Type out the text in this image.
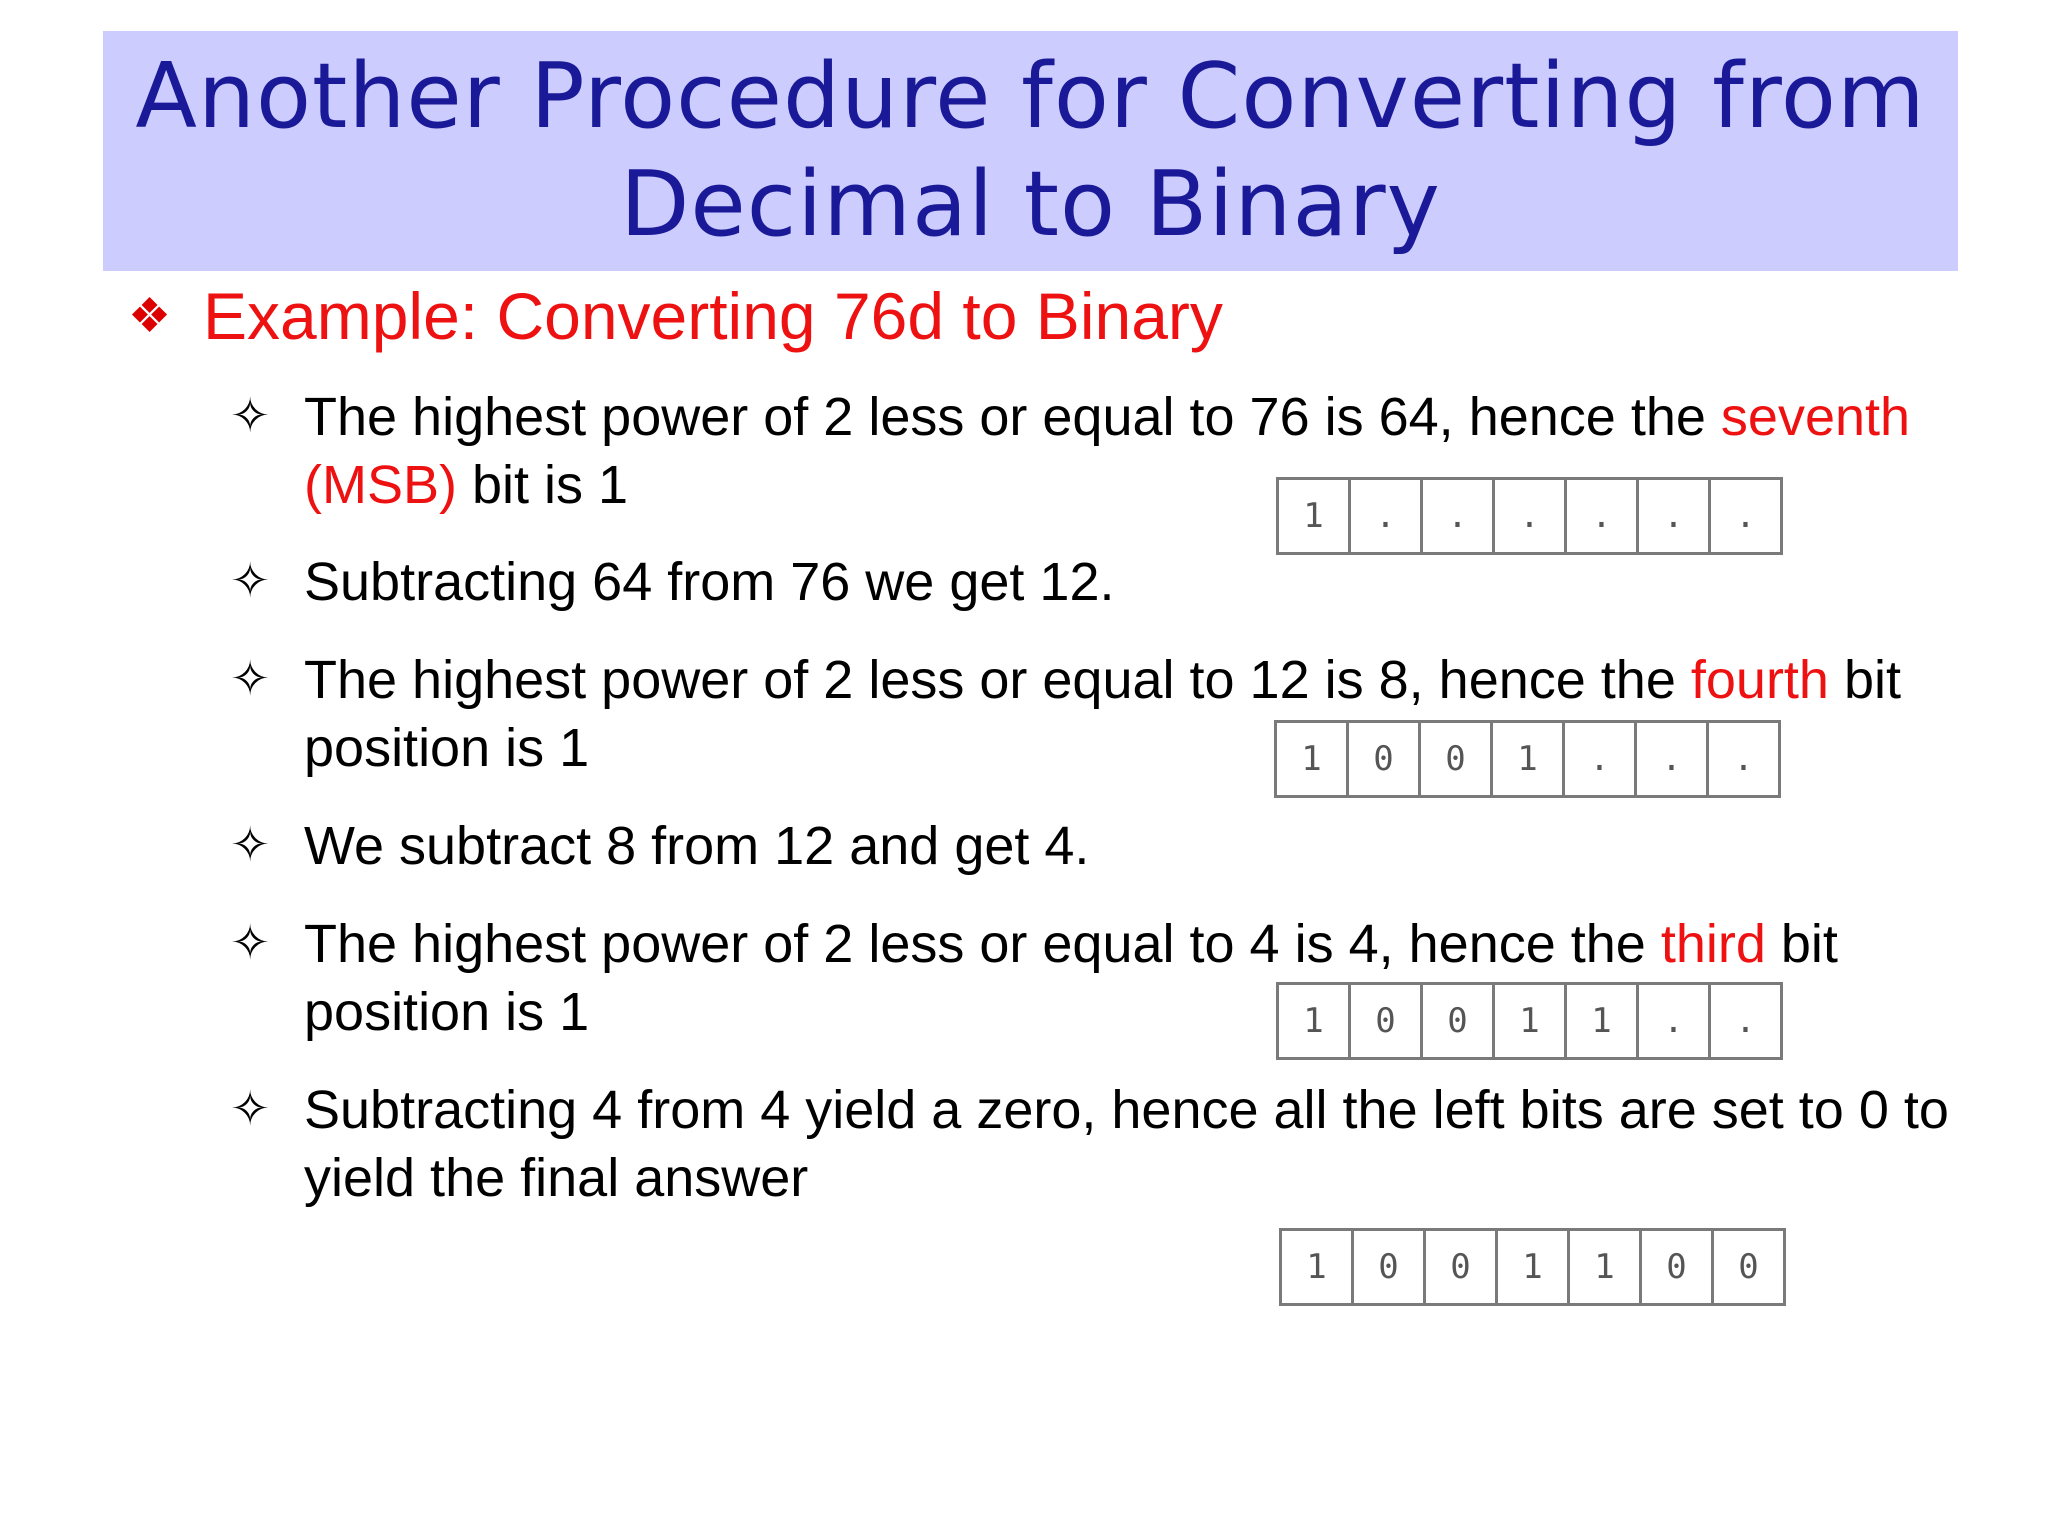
Another Procedure for Converting from
Decimal to Binary
❖ Example: Converting 76d to Binary
✧ The highest power of 2 less or equal to 76 is 64, hence the seventh (MSB) bit is 1
✧ Subtracting 64 from 76 we get 12.
✧ The highest power of 2 less or equal to 12 is 8, hence the fourth bit position is 1
✧ We subtract 8 from 12 and get 4.
✧ The highest power of 2 less or equal to 4 is 4, hence the third bit position is 1
✧ Subtracting 4 from 4 yield a zero, hence all the left bits are set to 0 to yield the final answer
1	.	.	.	.	.	.
1	0	0	1	.	.	.
1	0	0	1	1	.	.
1	0	0	1	1	0	0
